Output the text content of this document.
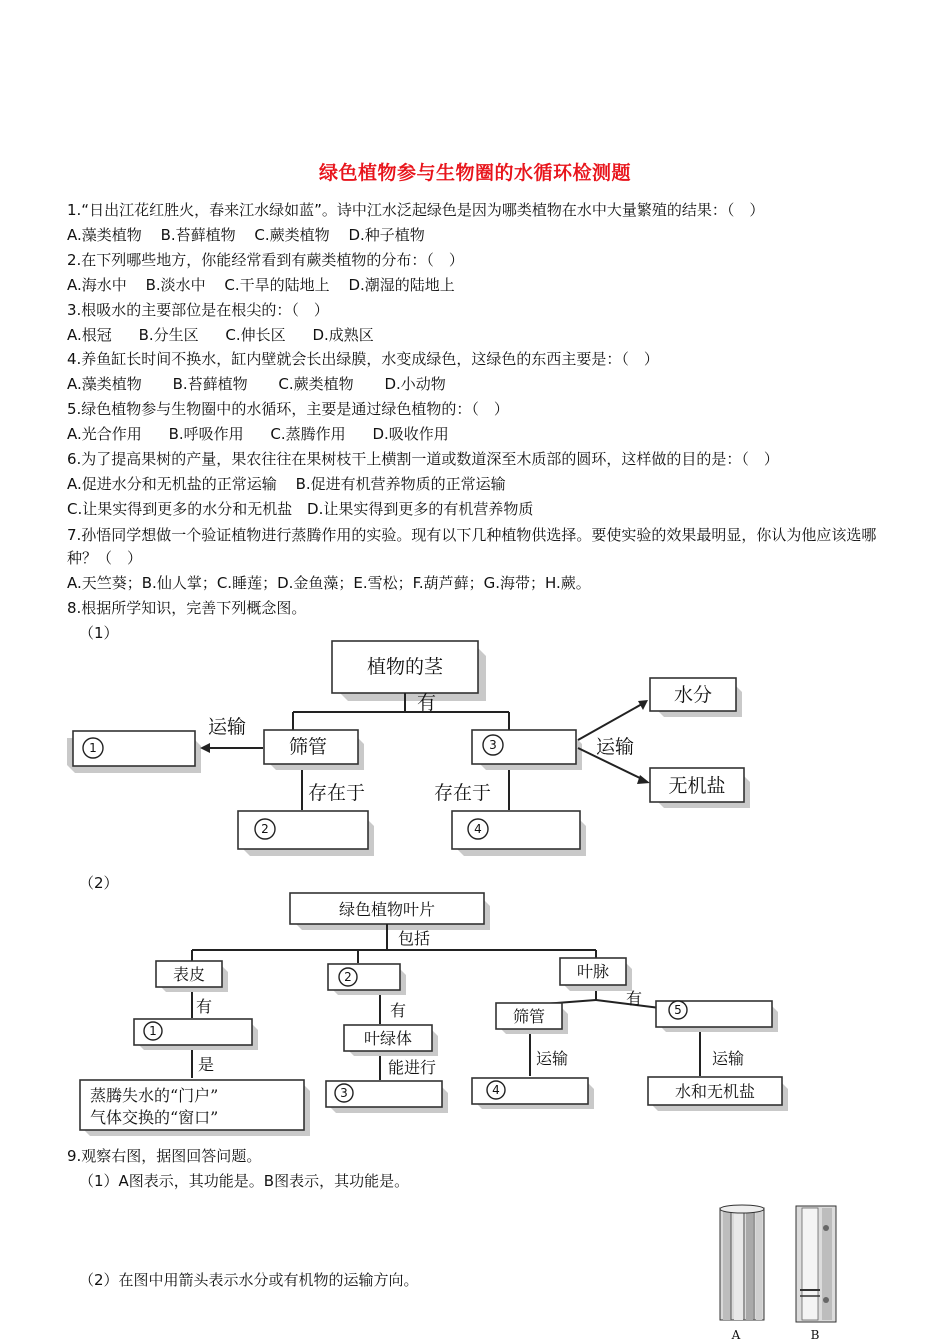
绿色植物参与生物圈的水循环检测题
1.“日出江花红胜火，春来江水绿如蓝”。诗中江水泛起绿色是因为哪类植物在水中大量繁殖的结果：（　）
A.藻类植物 B.苔藓植物 C.蕨类植物 D.种子植物
2.在下列哪些地方，你能经常看到有蕨类植物的分布：（　）
A.海水中 B.淡水中 C.干旱的陆地上 D.潮湿的陆地上
3.根吸水的主要部位是在根尖的：（　）
A.根冠 B.分生区 C.伸长区 D.成熟区
4.养鱼缸长时间不换水，缸内壁就会长出绿膜，水变成绿色，这绿色的东西主要是：（　）
A.藻类植物 B.苔藓植物 C.蕨类植物 D.小动物
5.绿色植物参与生物圈中的水循环，主要是通过绿色植物的：（　）
A.光合作用 B.呼吸作用 C.蒸腾作用 D.吸收作用
6.为了提高果树的产量，果农往往在果树枝干上横割一道或数道深至木质部的圆环，这样做的目的是：（　）
A.促进水分和无机盐的正常运输 B.促进有机营养物质的正常运输
C.让果实得到更多的水分和无机盐 D.让果实得到更多的有机营养物质
7.孙悟同学想做一个验证植物进行蒸腾作用的实验。现有以下几种植物供选择。要使实验的效果最明显，你认为他应该选哪种？（　）
A.天竺葵；B.仙人掌；C.睡莲；D.金鱼藻；E.雪松；F.葫芦藓；G.海带；H.蕨。
8.根据所学知识，完善下列概念图。
（1）
植物的茎
有
1
运输
筛管
存在于
2
3
存在于
4
运输
水分
无机盐
（2）
绿色植物叶片
包括
表皮
有
1
是
蒸腾失水的“门户”
气体交换的“窗口”
2
有
叶绿体
能进行
3
叶脉
有
筛管
运输
4
5
运输
水和无机盐
9.观察右图，据图回答问题。
（1）A图表示，其功能是。B图表示，其功能是。
（2）在图中用箭头表示水分或有机物的运输方向。
A	B
